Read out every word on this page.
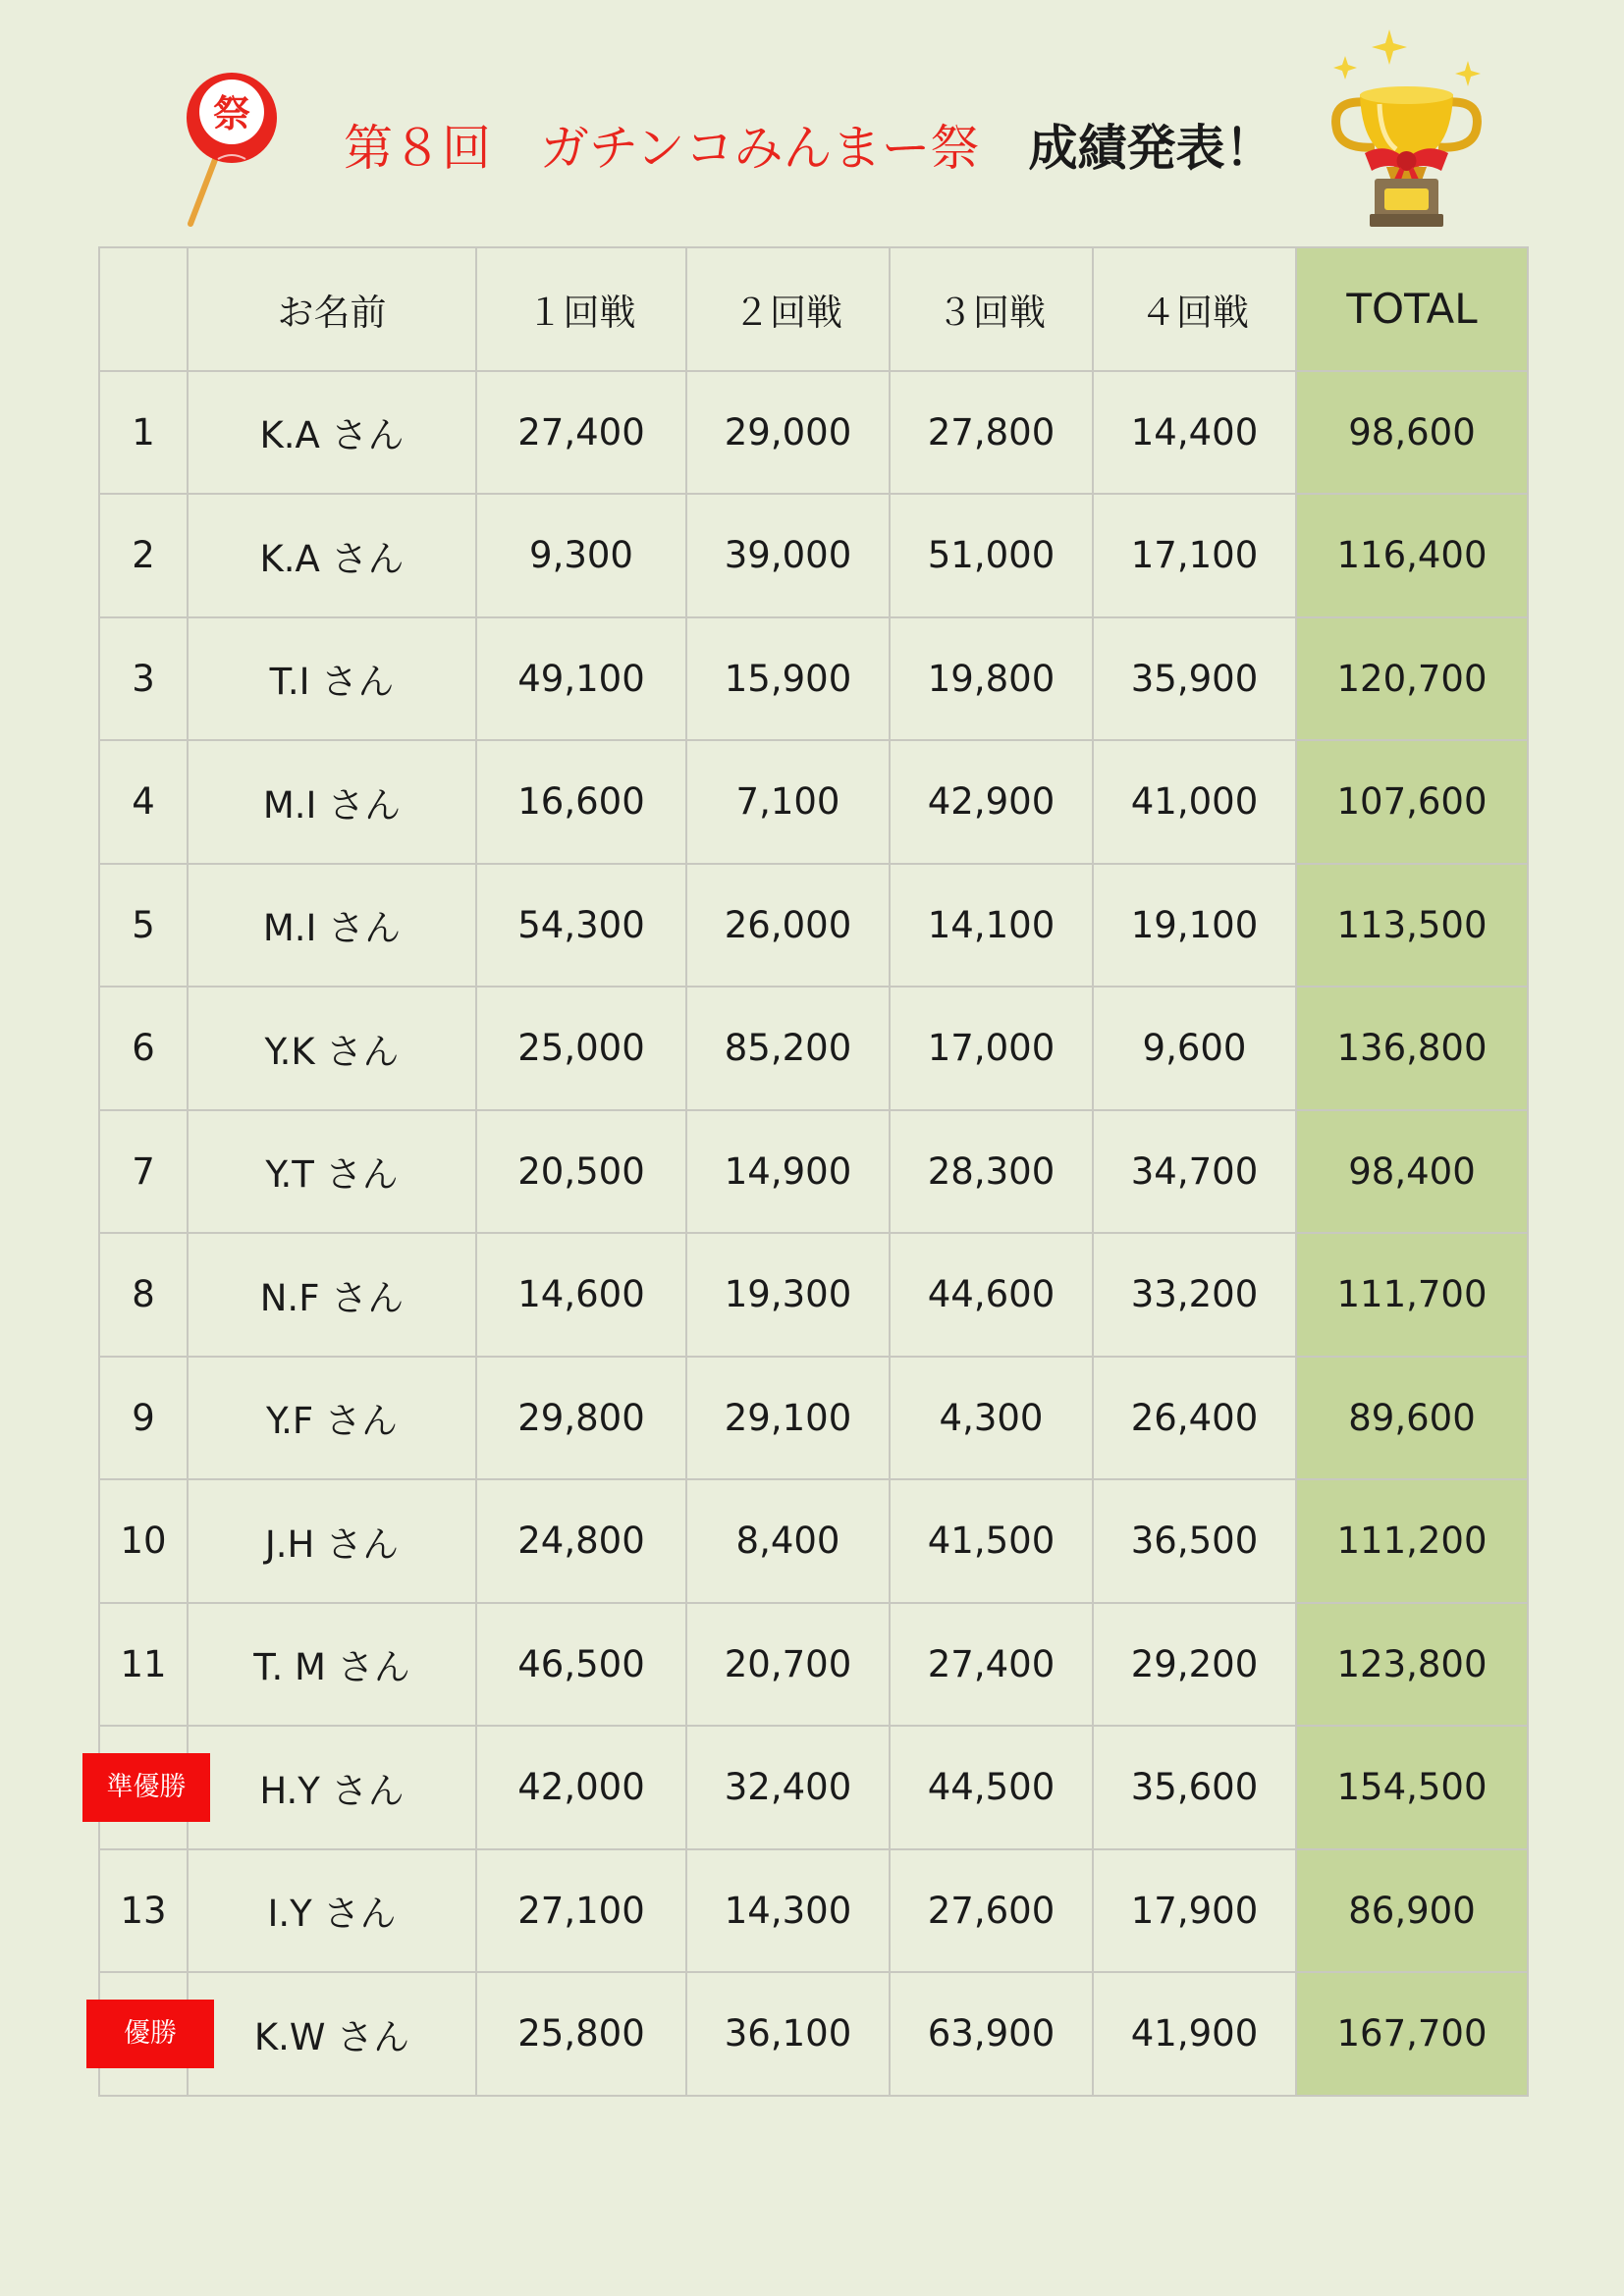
祭
第８回　ガチンコみんまー祭 成績発表！
	お名前	１回戦	２回戦	３回戦	４回戦	TOTAL
1	K.A さん	27,400	29,000	27,800	14,400	98,600
2	K.A さん	9,300	39,000	51,000	17,100	116,400
3	T.I さん	49,100	15,900	19,800	35,900	120,700
4	M.I さん	16,600	7,100	42,900	41,000	107,600
5	M.I さん	54,300	26,000	14,100	19,100	113,500
6	Y.K さん	25,000	85,200	17,000	9,600	136,800
7	Y.T さん	20,500	14,900	28,300	34,700	98,400
8	N.F さん	14,600	19,300	44,600	33,200	111,700
9	Y.F さん	29,800	29,100	4,300	26,400	89,600
10	J.H さん	24,800	8,400	41,500	36,500	111,200
11	T. M さん	46,500	20,700	27,400	29,200	123,800

準優勝	H.Y さん	42,000	32,400	44,500	35,600	154,500
13	I.Y さん	27,100	14,300	27,600	17,900	86,900

優勝	K.W さん	25,800	36,100	63,900	41,900	167,700
